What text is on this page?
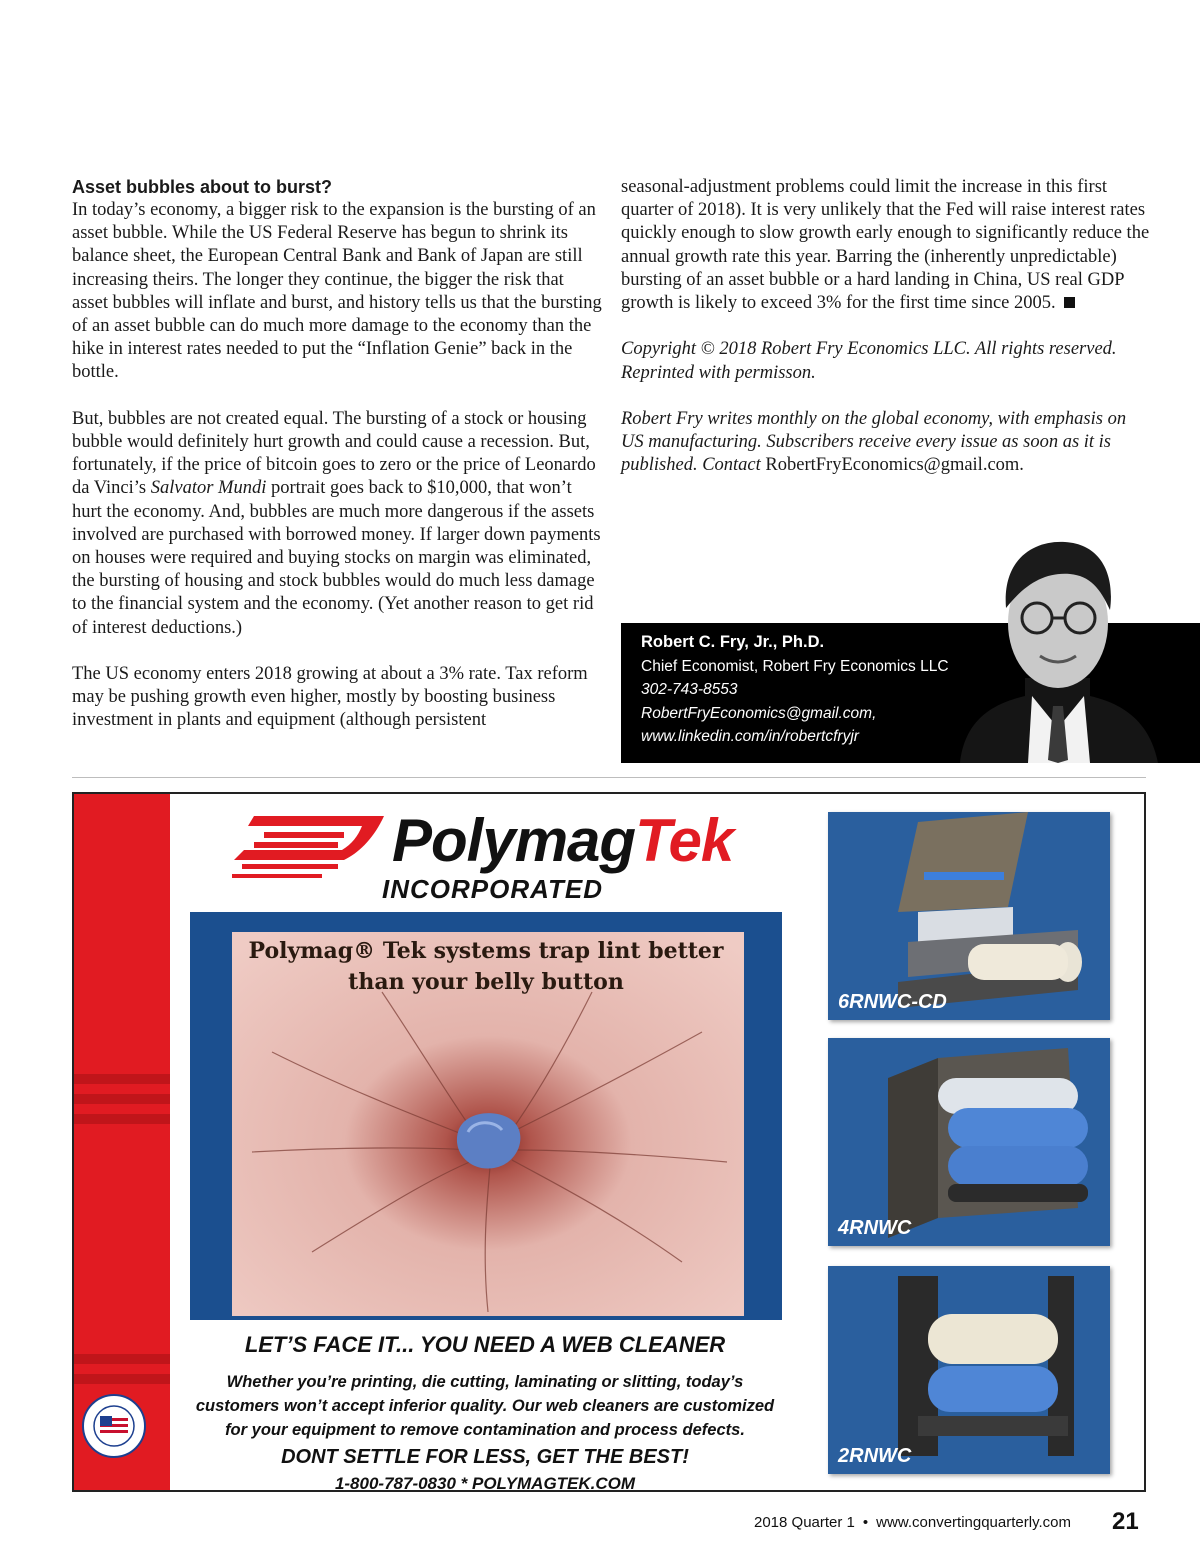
Asset bubbles about to burst?

In today’s economy, a bigger risk to the expansion is the bursting of an asset bubble. While the US Federal Reserve has begun to shrink its balance sheet, the European Central Bank and Bank of Japan are still increasing theirs. The longer they continue, the bigger the risk that asset bubbles will inflate and burst, and history tells us that the bursting of an asset bubble can do much more damage to the economy than the hike in interest rates needed to put the “Inflation Genie” back in the bottle.

But, bubbles are not created equal. The bursting of a stock or housing bubble would definitely hurt growth and could cause a recession. But, fortunately, if the price of bitcoin goes to zero or the price of Leonardo da Vinci’s Salvator Mundi portrait goes back to $10,000, that won’t hurt the economy. And, bubbles are much more dangerous if the assets involved are purchased with borrowed money. If larger down payments on houses were required and buying stocks on margin was eliminated, the bursting of housing and stock bubbles would do much less damage to the financial system and the economy. (Yet another reason to get rid of interest deductions.)

The US economy enters 2018 growing at about a 3% rate. Tax reform may be pushing growth even higher, mostly by boosting business investment in plants and equipment (although persistent

seasonal-adjustment problems could limit the increase in this first quarter of 2018). It is very unlikely that the Fed will raise interest rates quickly enough to slow growth early enough to significantly reduce the annual growth rate this year. Barring the (inherently unpredictable) bursting of an asset bubble or a hard landing in China, US real GDP growth is likely to exceed 3% for the first time since 2005.

Copyright © 2018 Robert Fry Economics LLC. All rights reserved. Reprinted with permisson.

Robert Fry writes monthly on the global economy, with emphasis on US manufacturing. Subscribers receive every issue as soon as it is published. Contact RobertFryEconomics@gmail.com.

Robert C. Fry, Jr., Ph.D.
Chief Economist, Robert Fry Economics LLC
302-743-8553
RobertFryEconomics@gmail.com,
www.linkedin.com/in/robertcfryjr
PolymagTek
INCORPORATED
Polymag® Tek systems trap lint better
than your belly button
LET’S FACE IT... YOU NEED A WEB CLEANER
Whether you’re printing, die cutting, laminating or slitting, today’s
customers won’t accept inferior quality. Our web cleaners are customized
for your equipment to remove contamination and process defects.
DONT SETTLE FOR LESS, GET THE BEST!
1-800-787-0830 * POLYMAGTEK.COM
6RNWC-CD
4RNWC
2RNWC
2018 Quarter 1 • www.convertingquarterly.com 21
